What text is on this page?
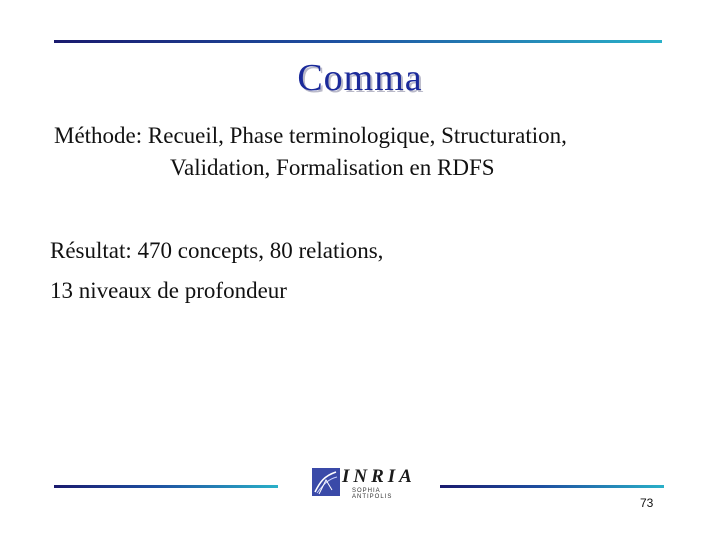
Comma

Méthode: Recueil, Phase terminologique, Structuration,

Validation, Formalisation en RDFS

Résultat: 470 concepts, 80 relations,

13 niveaux de profondeur

INRIA
SOPHIA ANTIPOLIS	73
